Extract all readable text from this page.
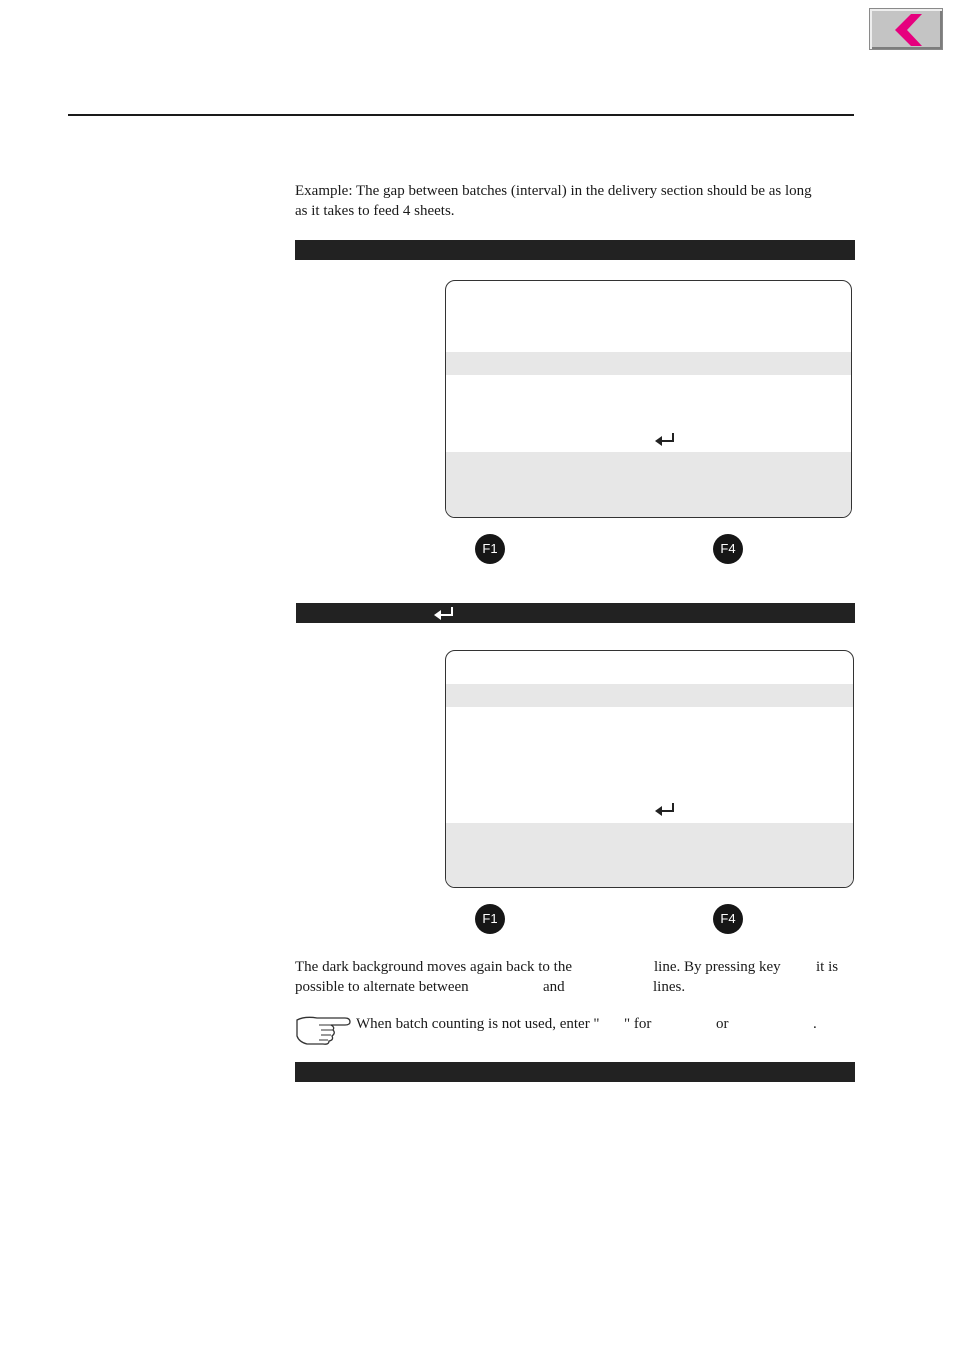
Example: The gap between batches (interval) in the delivery section should be as long

as it takes to feed 4 sheets.

F1	F4
F1	F4
The dark background moves again back to the	line. By pressing key it is
possible to alternate between	and	lines.
When batch counting is not used, enter " " for	or	.
